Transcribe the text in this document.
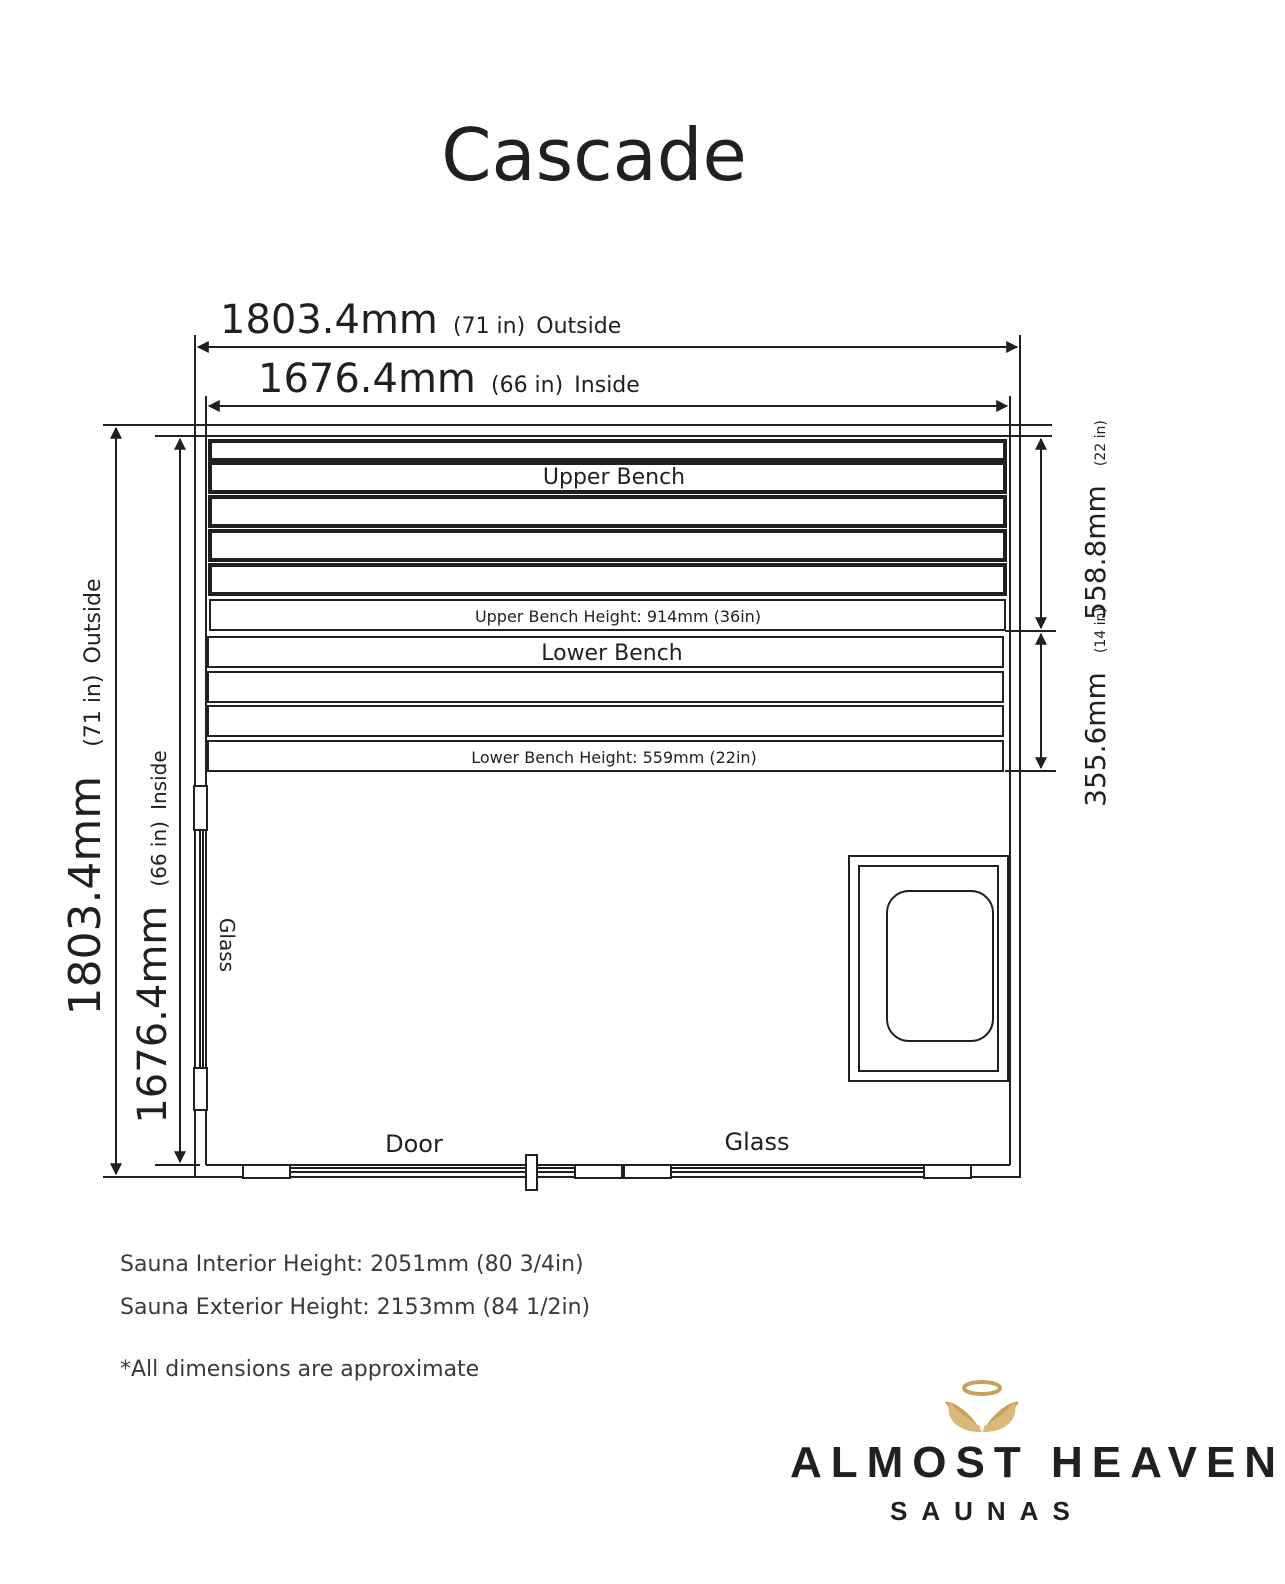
Cascade
1803.4mm (71 in) Outside
1676.4mm (66 in) Inside
1803.4mm (71 in) Outside
1676.4mm (66 in) Inside
558.8mm (22 in)
355.6mm (14 in)
Upper Bench
Upper Bench Height: 914mm (36in)
Lower Bench
Lower Bench Height: 559mm (22in)
Glass
Door	Glass
Sauna Interior Height: 2051mm (80 3/4in)
Sauna Exterior Height: 2153mm (84 1/2in)
*All dimensions are approximate
ALMOST HEAVEN
SAUNAS
